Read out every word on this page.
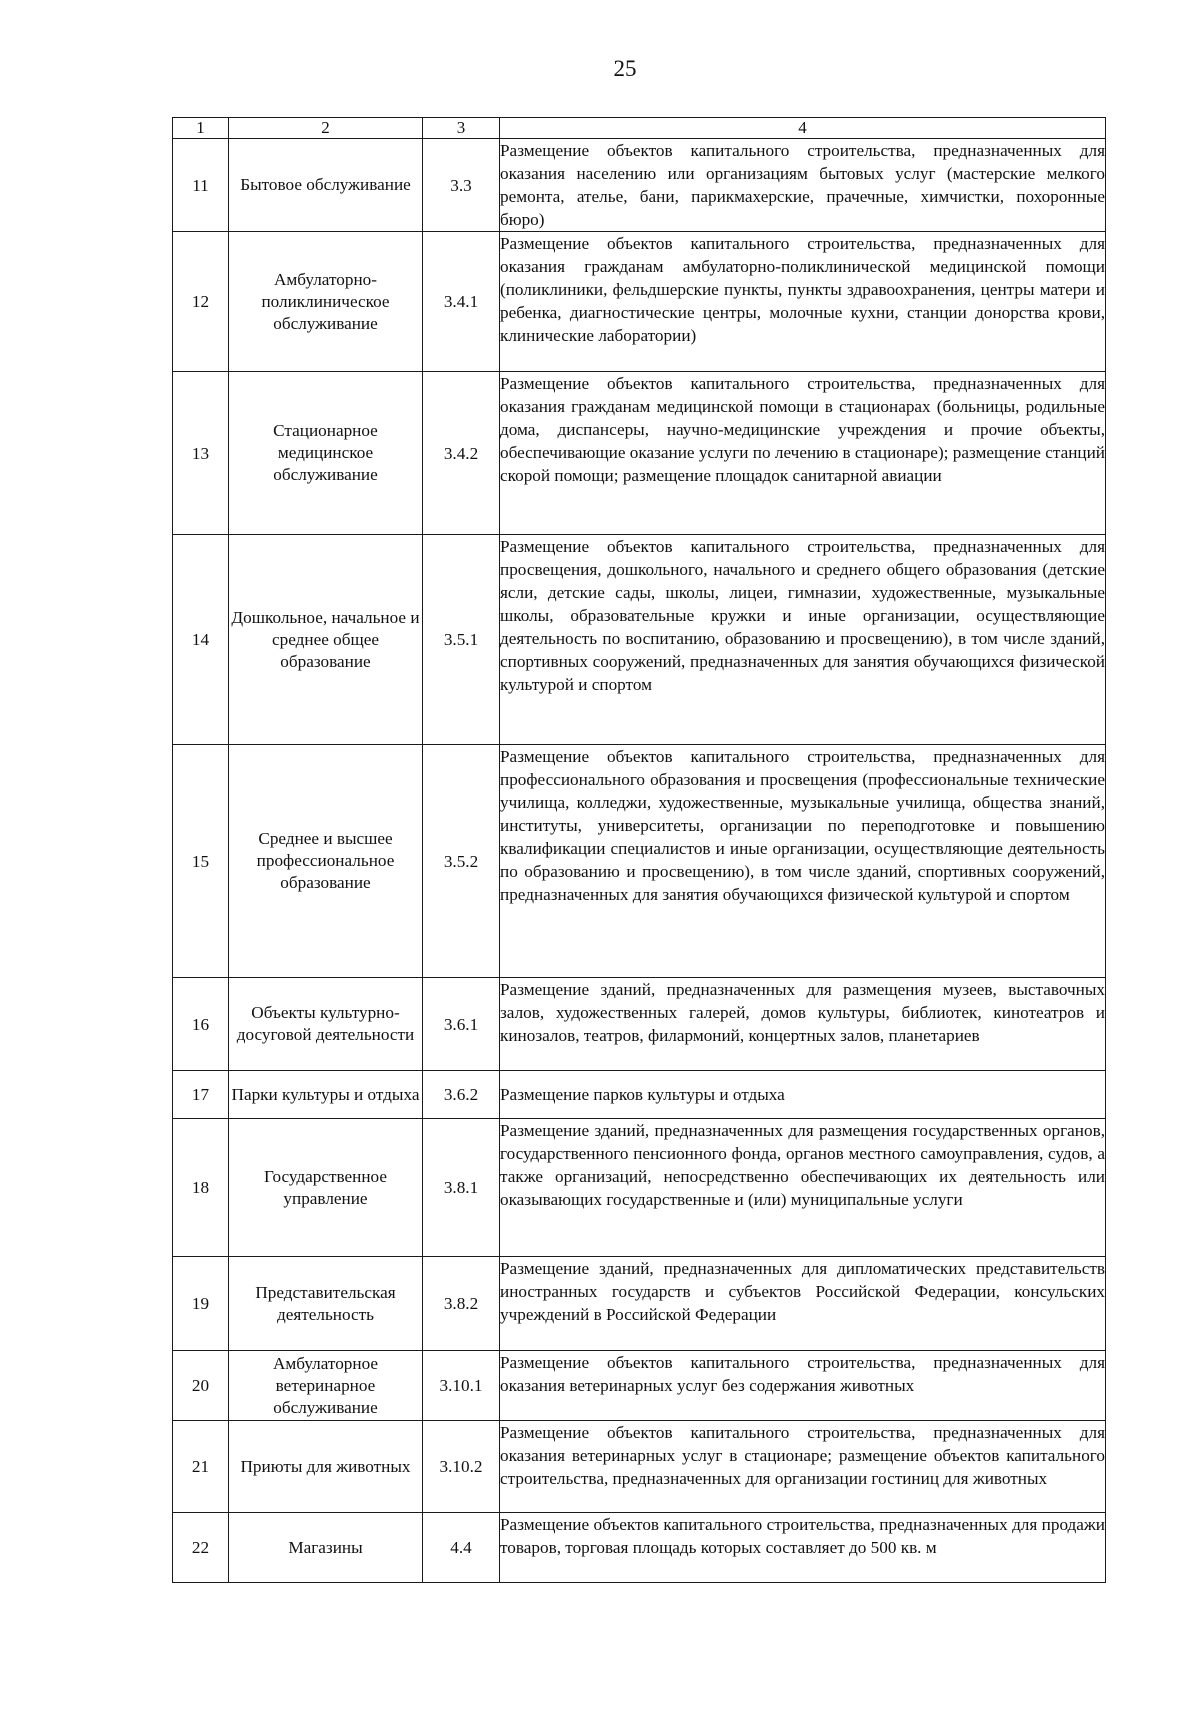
25
1	2	3	4
11	Бытовое обслуживание	3.3	Размещение объектов капитального строительства, предназначенных для оказания населению или организациям бытовых услуг (мастерские мелкого ремонта, ателье, бани, парикмахерские, прачечные, химчистки, похоронные бюро)
12	Амбулаторно-поликлиническое обслуживание	3.4.1	Размещение объектов капитального строительства, предназначенных для оказания гражданам амбулаторно-поликлинической медицинской помощи (поликлиники, фельдшерские пункты, пункты здравоохранения, центры матери и ребенка, диагностические центры, молочные кухни, станции донорства крови, клинические лаборатории)
13	Стационарное медицинское обслуживание	3.4.2	Размещение объектов капитального строительства, предназначенных для оказания гражданам медицинской помощи в стационарах (больницы, родильные дома, диспансеры, научно-медицинские учреждения и прочие объекты, обеспечивающие оказание услуги по лечению в стационаре); размещение станций скорой помощи; размещение площадок санитарной авиации
14	Дошкольное, начальное и среднее общее образование	3.5.1	Размещение объектов капитального строительства, предназначенных для просвещения, дошкольного, начального и среднего общего образования (детские ясли, детские сады, школы, лицеи, гимназии, художественные, музыкальные школы, образовательные кружки и иные организации, осуществляющие деятельность по воспитанию, образованию и просвещению), в том числе зданий, спортивных сооружений, предназначенных для занятия обучающихся физической культурой и спортом
15	Среднее и высшее профессиональное образование	3.5.2	Размещение объектов капитального строительства, предназначенных для профессионального образования и просвещения (профессиональные технические училища, колледжи, художественные, музыкальные училища, общества знаний, институты, университеты, организации по переподготовке и повышению квалификации специалистов и иные организации, осуществляющие деятельность по образованию и просвещению), в том числе зданий, спортивных сооружений, предназначенных для занятия обучающихся физической культурой и спортом
16	Объекты культурно-досуговой деятельности	3.6.1	Размещение зданий, предназначенных для размещения музеев, выставочных залов, художественных галерей, домов культуры, библиотек, кинотеатров и кинозалов, театров, филармоний, концертных залов, планетариев
17	Парки культуры и отдыха	3.6.2	Размещение парков культуры и отдыха
18	Государственное управление	3.8.1	Размещение зданий, предназначенных для размещения государственных органов, государственного пенсионного фонда, органов местного самоуправления, судов, а также организаций, непосредственно обеспечивающих их деятельность или оказывающих государственные и (или) муниципальные услуги
19	Представительская деятельность	3.8.2	Размещение зданий, предназначенных для дипломатических представительств иностранных государств и субъектов Российской Федерации, консульских учреждений в Российской Федерации
20	Амбулаторное ветеринарное обслуживание	3.10.1	Размещение объектов капитального строительства, предназначенных для оказания ветеринарных услуг без содержания животных
21	Приюты для животных	3.10.2	Размещение объектов капитального строительства, предназначенных для оказания ветеринарных услуг в стационаре; размещение объектов капитального строительства, предназначенных для организации гостиниц для животных
22	Магазины	4.4	Размещение объектов капитального строительства, предназначенных для продажи товаров, торговая площадь которых составляет до 500 кв. м
